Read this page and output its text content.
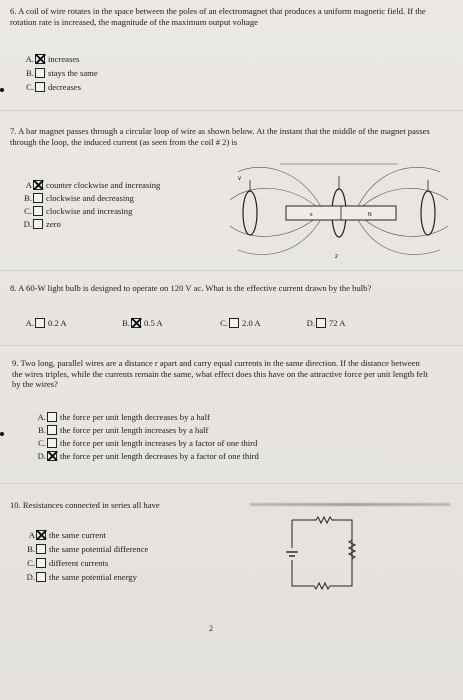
6. A coil of wire rotates in the space between the poles of an electromagnet that produces a uniform magnetic field. If the rotation rate is increased, the magnitude of the maximum output voltage
A. increases
B. stays the same
C. decreases
7. A bar magnet passes through a circular loop of wire as shown below. At the instant that the middle of the magnet passes through the loop, the induced current (as seen from the coil # 2) is
A counter clockwise and increasing
B. clockwise and decreasing
C. clockwise and increasing
D. zero
v
2
s	N
8. A 60-W light bulb is designed to operate on 120 V ac. What is the effective current drawn by the bulb?
A. 0.2 A	B. 0.5 A	C. 2.0 A	D. 72 A
9. Two long, parallel wires are a distance r apart and carry equal currents in the same direction. If the distance between the wires triples, while the currents remain the same, what effect does this have on the attractive force per unit length felt by the wires?
A. the force per unit length decreases by a half
B. the force per unit length increases by a half
C. the force per unit length increases by a factor of one third
D. the force per unit length decreases by a factor of one third
10. Resistances connected in series all have
A the same current
B. the same potential difference
C. different currents
D. the same potential energy
2
